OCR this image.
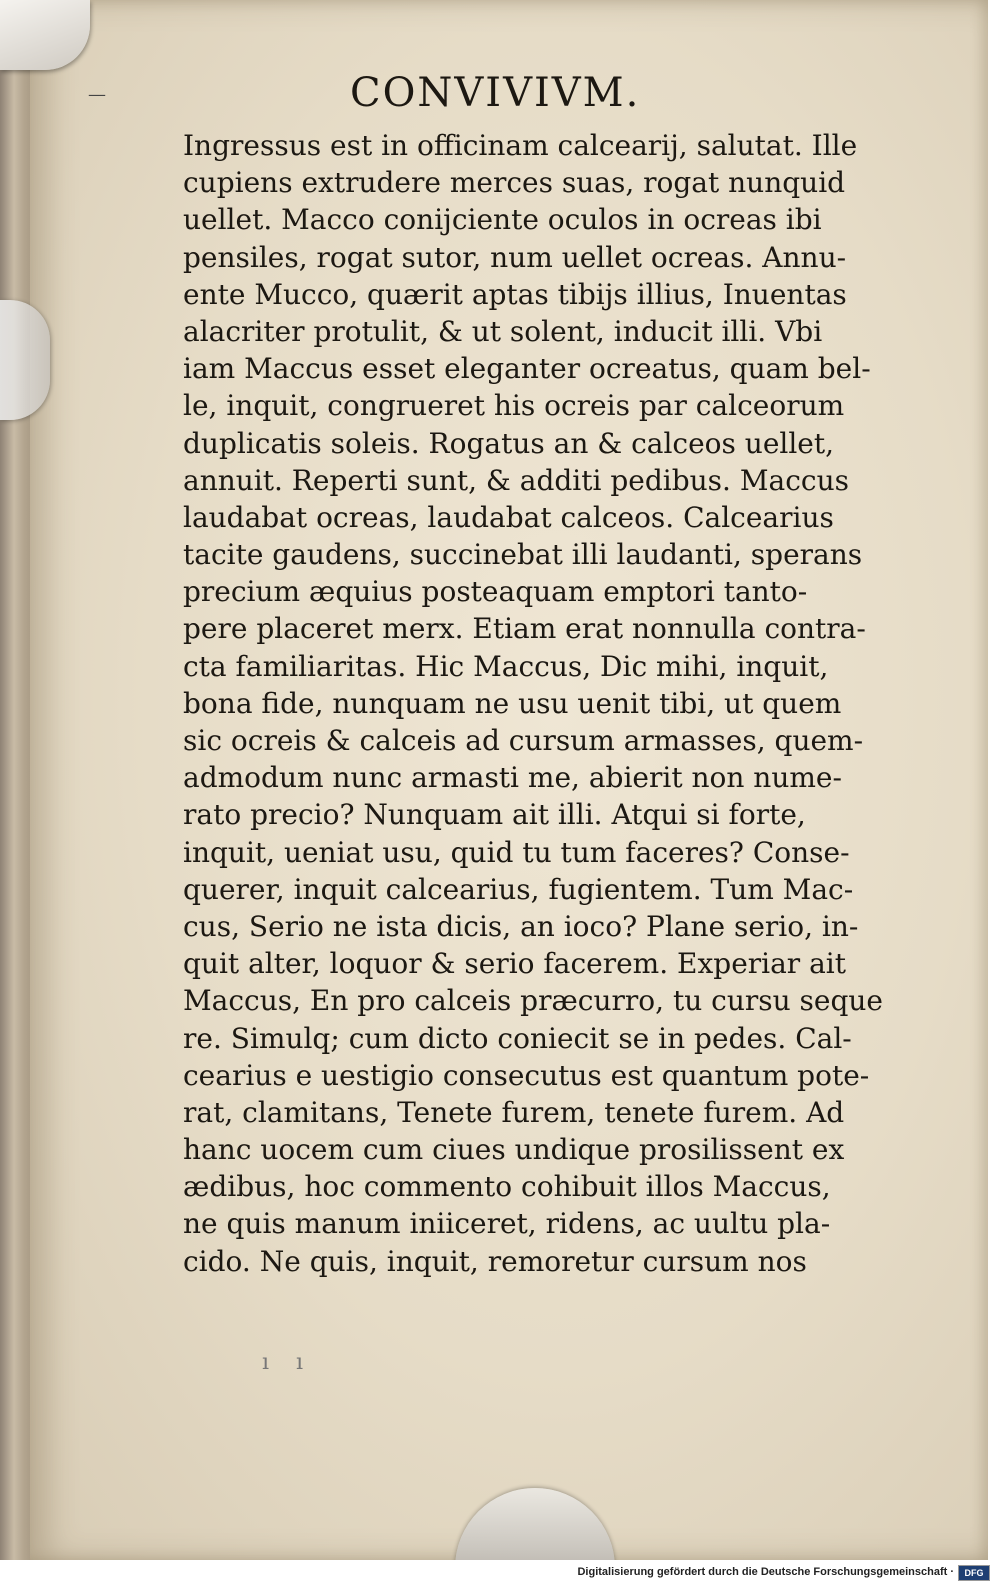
—	CONVIVIVM.
Ingressus est in officinam calcearij, salutat. Ille
cupiens extrudere merces suas, rogat nunquid
uellet. Macco conijciente oculos in ocreas ibi
pensiles, rogat sutor, num uellet ocreas. Annu-
ente Mucco, quærit aptas tibijs illius, Inuentas
alacriter protulit, & ut solent, inducit illi. Vbi
iam Maccus esset eleganter ocreatus, quam bel-
le, inquit, congrueret his ocreis par calceorum
duplicatis soleis. Rogatus an & calceos uellet,
annuit. Reperti sunt, & additi pedibus. Maccus
laudabat ocreas, laudabat calceos. Calcearius
tacite gaudens, succinebat illi laudanti, sperans
precium æquius posteaquam emptori tanto-
pere placeret merx. Etiam erat nonnulla contra-
cta familiaritas. Hic Maccus, Dic mihi, inquit,
bona fide, nunquam ne usu uenit tibi, ut quem
sic ocreis & calceis ad cursum armasses, quem-
admodum nunc armasti me, abierit non nume-
rato precio? Nunquam ait illi. Atqui si forte,
inquit, ueniat usu, quid tu tum faceres? Conse-
querer, inquit calcearius, fugientem. Tum Mac-
cus, Serio ne ista dicis, an ioco? Plane serio, in-
quit alter, loquor & serio facerem. Experiar ait
Maccus, En pro calceis præcurro, tu cursu seque
re. Simulq; cum dicto coniecit se in pedes. Cal-
cearius e uestigio consecutus est quantum pote-
rat, clamitans, Tenete furem, tenete furem. Ad
hanc uocem cum ciues undique prosilissent ex
ædibus, hoc commento cohibuit illos Maccus,
ne quis manum iniiceret, ridens, ac uultu pla-
cido. Ne quis, inquit, remoretur cursum nos
ı ı
Digitalisierung gefördert durch die Deutsche Forschungsgemeinschaft ·	DFG
